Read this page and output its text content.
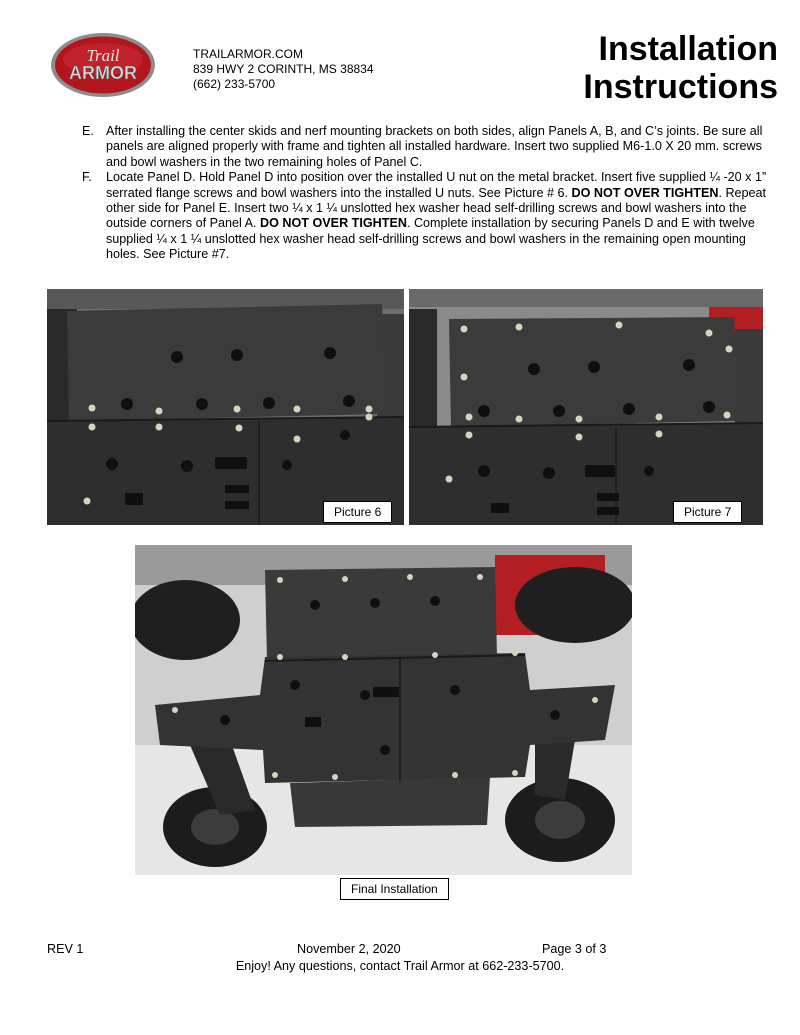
Trail
ARMOR
TRAILARMOR.COM
839 HWY 2 CORINTH, MS 38834
(662) 233-5700
Installation
Instructions

E. After installing the center skids and nerf mounting brackets on both sides, align Panels A, B, and C’s joints. Be sure all panels are aligned properly with frame and tighten all installed hardware. Insert two supplied M6-1.0 X 20 mm. screws and bowl washers in the two remaining holes of Panel C.

F. Locate Panel D. Hold Panel D into position over the installed U nut on the metal bracket. Insert five supplied ¼ -20 x 1” serrated flange screws and bowl washers into the installed U nuts. See Picture # 6. DO NOT OVER TIGHTEN. Repeat other side for Panel E. Insert two ¼ x 1 ¼ unslotted hex washer head self-drilling screws and bowl washers into the outside corners of Panel A. DO NOT OVER TIGHTEN. Complete installation by securing Panels D and E with twelve supplied ¼ x 1 ¼ unslotted hex washer head self-drilling screws and bowl washers in the remaining open mounting holes. See Picture #7.

Picture 6	Picture 7
Final Installation
REV 1	November 2, 2020	Page 3 of 3
Enjoy! Any questions, contact Trail Armor at 662-233-5700.
